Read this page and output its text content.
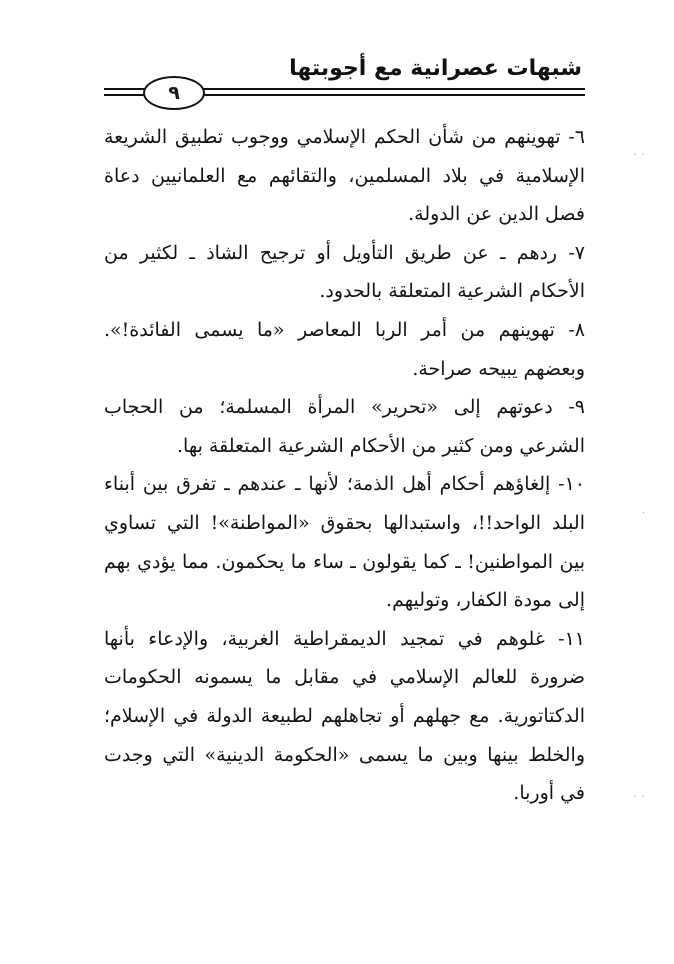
شبهات عصرانية مع أجوبتها
٩

٦- تهوينهم من شأن الحكم الإسلامي ووجوب تطبيق الشريعة الإسلامية في بلاد المسلمين، والتقائهم مع العلمانيين دعاة فصل الدين عن الدولة.

٧- ردهم ـ عن طريق التأويل أو ترجيح الشاذ ـ لكثير من الأحكام الشرعية المتعلقة بالحدود.

٨- تهوينهم من أمر الربا المعاصر «ما يسمى الفائدة!». وبعضهم يبيحه صراحة.

٩- دعوتهم إلى «تحرير» المرأة المسلمة؛ من الحجاب الشرعي ومن كثير من الأحكام الشرعية المتعلقة بها.

١٠- إلغاؤهم أحكام أهل الذمة؛ لأنها ـ عندهم ـ تفرق بين أبناء البلد الواحد!!، واستبدالها بحقوق «المواطنة»! التي تساوي بين المواطنين! ـ كما يقولون ـ ساء ما يحكمون. مما يؤدي بهم إلى مودة الكفار، وتوليهم.

١١- غلوهم في تمجيد الديمقراطية الغربية، والإدعاء بأنها ضرورة للعالم الإسلامي في مقابل ما يسمونه الحكومات الدكتاتورية. مع جهلهم أو تجاهلهم لطبيعة الدولة في الإسلام؛ والخلط بينها وبين ما يسمى «الحكومة الدينية» التي وجدت في أوربا.

· ·
·
· ·
